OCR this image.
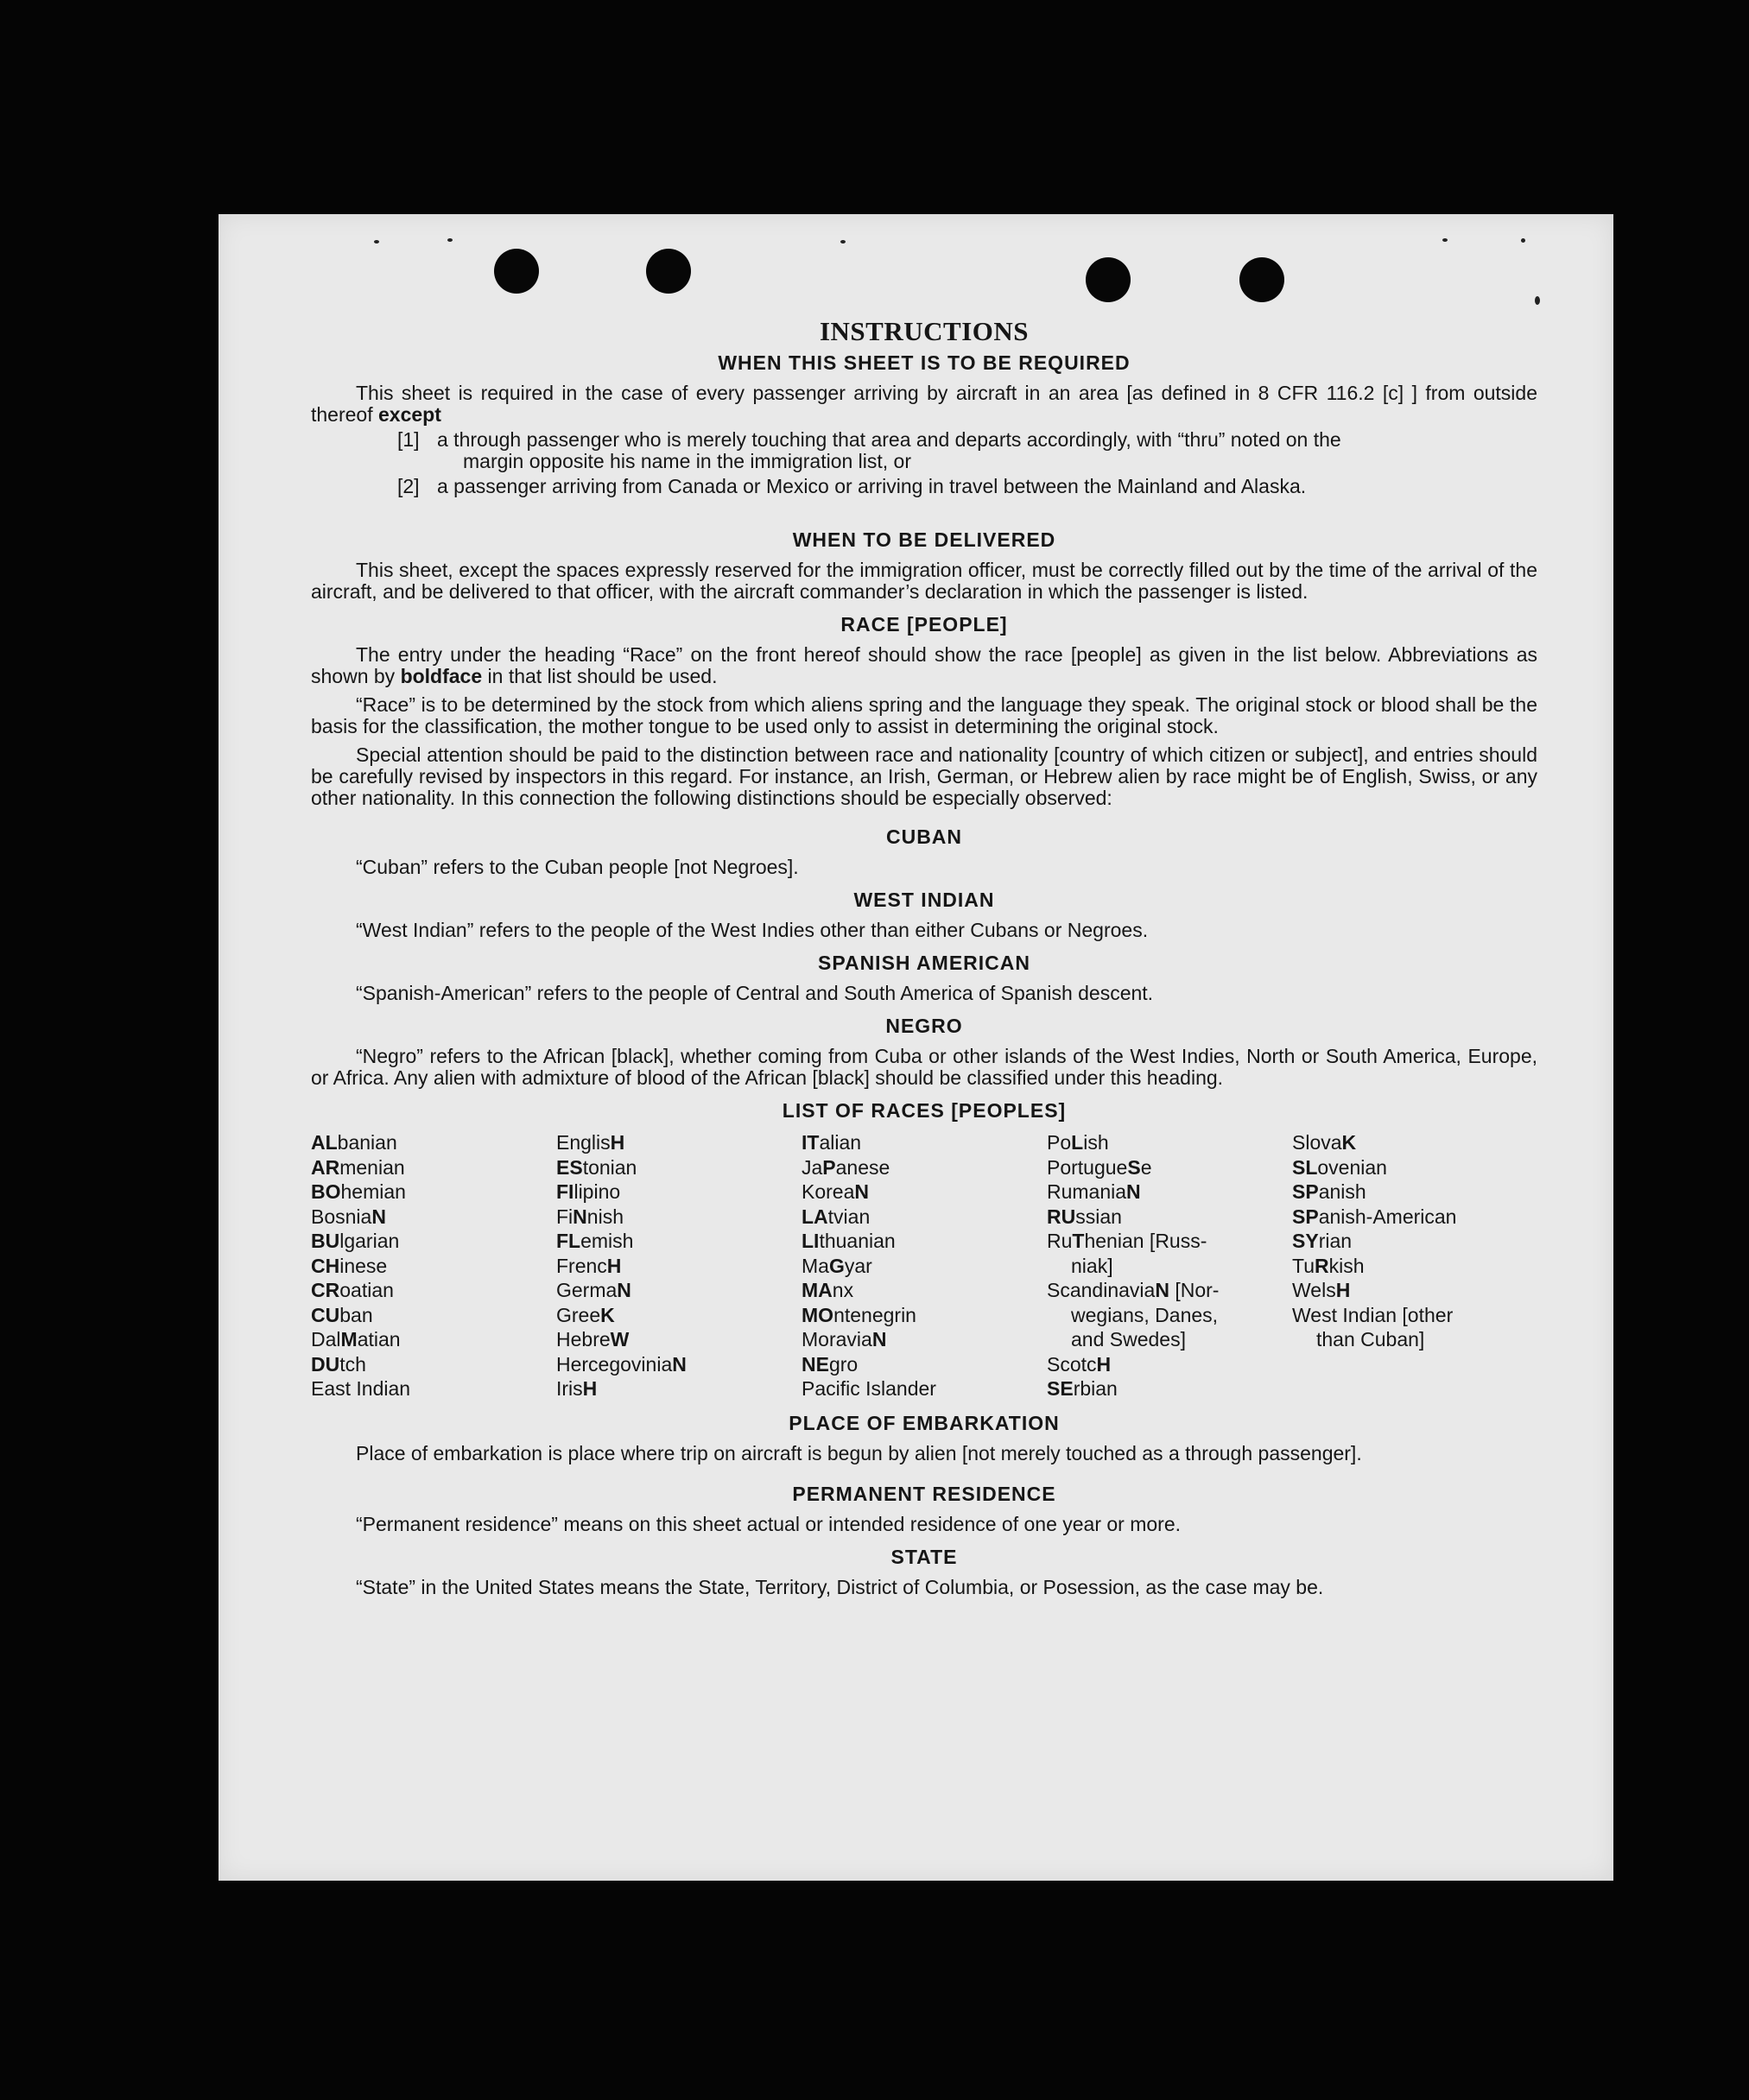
INSTRUCTIONS
WHEN THIS SHEET IS TO BE REQUIRED

This sheet is required in the case of every passenger arriving by aircraft in an area [as defined in 8 CFR 116.2 [c] ] from outside thereof except

[1] a through passenger who is merely touching that area and departs accordingly, with “thru” noted on the
margin opposite his name in the immigration list, or
[2] a passenger arriving from Canada or Mexico or arriving in travel between the Mainland and Alaska.
WHEN TO BE DELIVERED

This sheet, except the spaces expressly reserved for the immigration officer, must be correctly filled out by the time of the arrival of the aircraft, and be delivered to that officer, with the aircraft commander’s declaration in which the passenger is listed.

RACE [PEOPLE]

The entry under the heading “Race” on the front hereof should show the race [people] as given in the list below. Abbreviations as shown by boldface in that list should be used.

“Race” is to be determined by the stock from which aliens spring and the language they speak. The original stock or blood shall be the basis for the classification, the mother tongue to be used only to assist in determining the original stock.

Special attention should be paid to the distinction between race and nationality [country of which citizen or subject], and entries should be carefully revised by inspectors in this regard. For instance, an Irish, German, or Hebrew alien by race might be of English, Swiss, or any other nationality. In this connection the following distinctions should be especially observed:

CUBAN

“Cuban” refers to the Cuban people [not Negroes].

WEST INDIAN

“West Indian” refers to the people of the West Indies other than either Cubans or Negroes.

SPANISH AMERICAN

“Spanish-American” refers to the people of Central and South America of Spanish descent.

NEGRO

“Negro” refers to the African [black], whether coming from Cuba or other islands of the West Indies, North or South America, Europe, or Africa. Any alien with admixture of blood of the African [black] should be classified under this heading.

LIST OF RACES [PEOPLES]
ALbanian
ARmenian
BOhemian
BosniaN
BUlgarian
CHinese
CRoatian
CUban
DalMatian
DUtch
East Indian
EnglisH
EStonian
FIlipino
FiNnish
FLemish
FrencH
GermaN
GreeK
HebreW
HercegoviniaN
IrisH
ITalian
JaPanese
KoreaN
LAtvian
LIthuanian
MaGyar
MAnx
MOntenegrin
MoraviaN
NEgro
Pacific Islander
PoLish
PortugueSe
RumaniaN
RUssian
RuThenian [Russ-
niak]
ScandinaviaN [Nor-
wegians, Danes,
and Swedes]
ScotcH
SErbian
SlovaK
SLovenian
SPanish
SPanish-American
SYrian
TuRkish
WelsH
West Indian [other
than Cuban]
PLACE OF EMBARKATION

Place of embarkation is place where trip on aircraft is begun by alien [not merely touched as a through passenger].

PERMANENT RESIDENCE

“Permanent residence” means on this sheet actual or intended residence of one year or more.

STATE

“State” in the United States means the State, Territory, District of Columbia, or Posession, as the case may be.
